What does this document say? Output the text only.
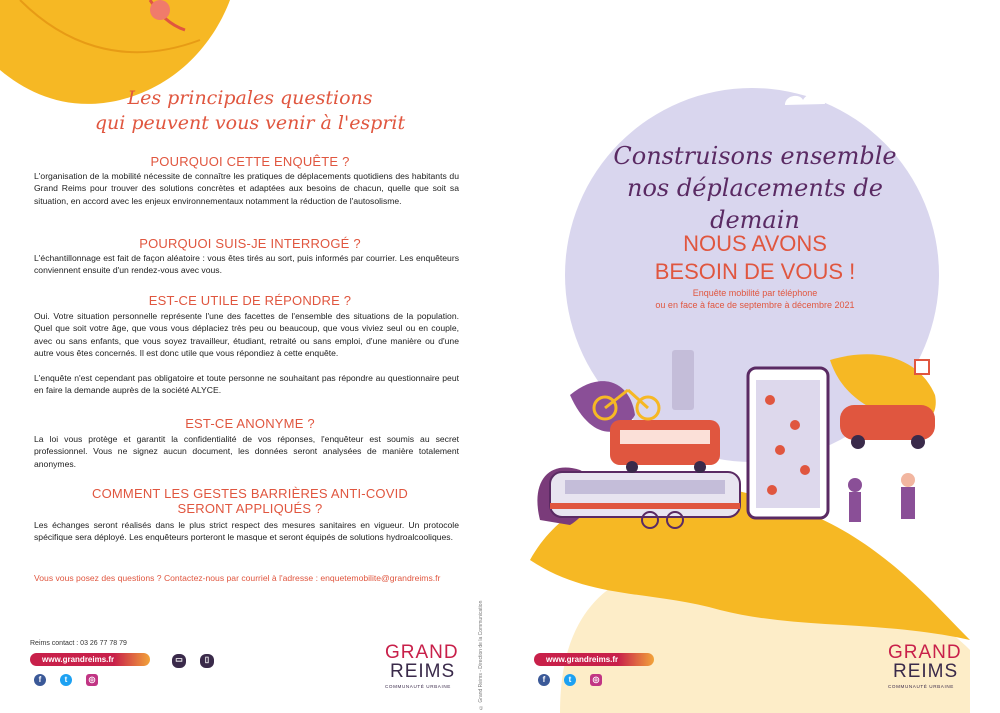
Les principales questions
qui peuvent vous venir à l'esprit
POURQUOI CETTE ENQUÊTE ?

L'organisation de la mobilité nécessite de connaître les pratiques de déplacements quotidiens des habitants du Grand Reims pour trouver des solutions concrètes et adaptées aux besoins de chacun, quelle que soit sa situation, en accord avec les enjeux environnementaux notamment la réduction de l'autosolisme.

POURQUOI SUIS-JE INTERROGÉ ?

L'échantillonnage est fait de façon aléatoire : vous êtes tirés au sort, puis informés par courrier. Les enquêteurs conviennent ensuite d'un rendez-vous avec vous.

EST-CE UTILE DE RÉPONDRE ?

Oui. Votre situation personnelle représente l'une des facettes de l'ensemble des situations de la population. Quel que soit votre âge, que vous vous déplaciez très peu ou beaucoup, que vous viviez seul ou en couple, avec ou sans enfants, que vous soyez travailleur, étudiant, retraité ou sans emploi, d'une manière ou d'une autre vous êtes concernés. Il est donc utile que vous répondiez à cette enquête.

L'enquête n'est cependant pas obligatoire et toute personne ne souhaitant pas répondre au questionnaire peut en faire la demande auprès de la société ALYCE.

EST-CE ANONYME ?

La loi vous protège et garantit la confidentialité de vos réponses, l'enquêteur est soumis au secret professionnel. Vous ne signez aucun document, les données seront analysées de manière totalement anonymes.

COMMENT LES GESTES BARRIÈRES ANTI-COVID
SERONT APPLIQUÉS ?

Les échanges seront réalisés dans le plus strict respect des mesures sanitaires en vigueur. Un protocole spécifique sera déployé. Les enquêteurs porteront le masque et seront équipés de solutions hydroalcooliques.

Vous vous posez des questions ? Contactez-nous par courriel à l'adresse : enquetemobilite@grandreims.fr

Reims contact : 03 26 77 78 79
www.grandreims.fr
f	t	◎
▭	▯	GRAND
REIMS
COMMUNAUTÉ URBAINE	© Grand Reims - Direction de la Communication
Construisons ensemble
nos déplacements de demain
NOUS AVONS
BESOIN DE VOUS !
Enquête mobilité par téléphone
ou en face à face de septembre à décembre 2021
www.grandreims.fr
f	t	◎
GRAND
REIMS
COMMUNAUTÉ URBAINE
